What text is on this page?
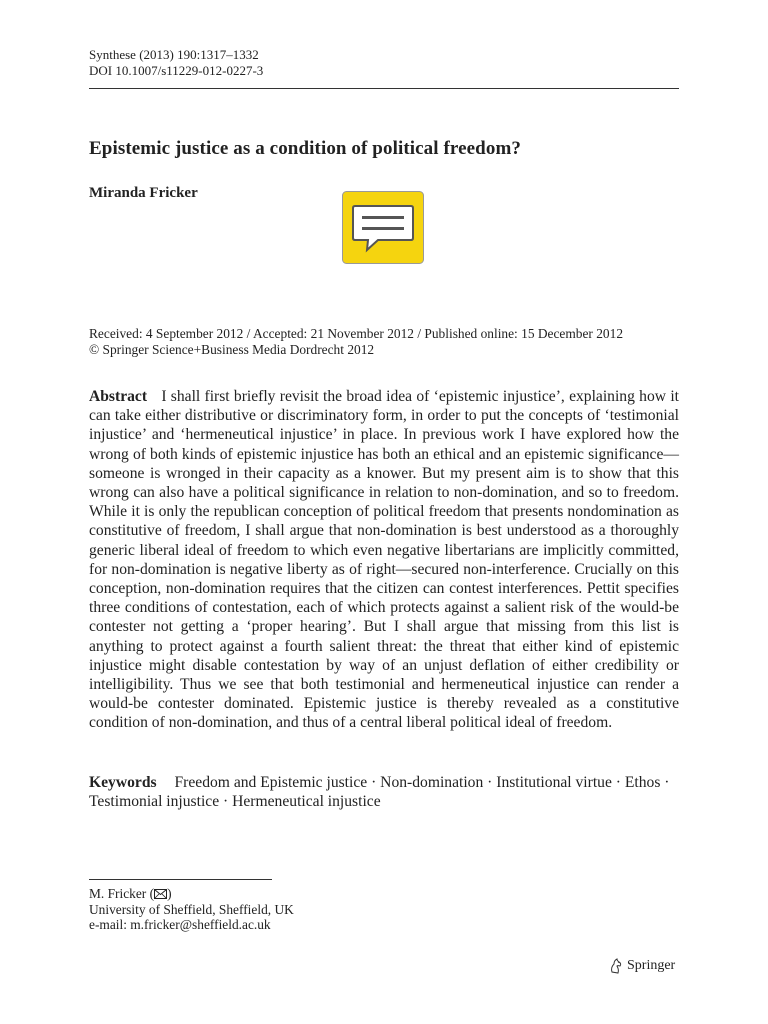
Synthese (2013) 190:1317–1332
DOI 10.1007/s11229-012-0227-3
Epistemic justice as a condition of political freedom?
Miranda Fricker
Received: 4 September 2012 / Accepted: 21 November 2012 / Published online: 15 December 2012
© Springer Science+Business Media Dordrecht 2012
Abstract I shall first briefly revisit the broad idea of ‘epistemic injustice’, explaining how it can take either distributive or discriminatory form, in order to put the concepts of ‘testimonial injustice’ and ‘hermeneutical injustice’ in place. In previous work I have explored how the wrong of both kinds of epistemic injustice has both an ethical and an epistemic significance—someone is wronged in their capacity as a knower. But my present aim is to show that this wrong can also have a political significance in relation to non-domination, and so to freedom. While it is only the republican conception of political freedom that presents nondomination as constitutive of freedom, I shall argue that non-domination is best understood as a thoroughly generic liberal ideal of freedom to which even negative libertarians are implicitly committed, for non-domination is negative liberty as of right—secured non-interference. Crucially on this conception, non-domination requires that the citizen can contest interferences. Pettit specifies three conditions of contestation, each of which protects against a salient risk of the would-be contester not getting a ‘proper hearing’. But I shall argue that missing from this list is anything to protect against a fourth salient threat: the threat that either kind of epistemic injustice might disable contestation by way of an unjust deflation of either credibility or intelligibility. Thus we see that both testimonial and hermeneutical injustice can render a would-be contester dominated. Epistemic justice is thereby revealed as a constitutive condition of non-domination, and thus of a central liberal political ideal of freedom.
Keywords Freedom and Epistemic justice · Non-domination · Institutional virtue · Ethos · Testimonial injustice · Hermeneutical injustice
M. Fricker ( )
University of Sheffield, Sheffield, UK
e-mail: m.fricker@sheffield.ac.uk
Springer
